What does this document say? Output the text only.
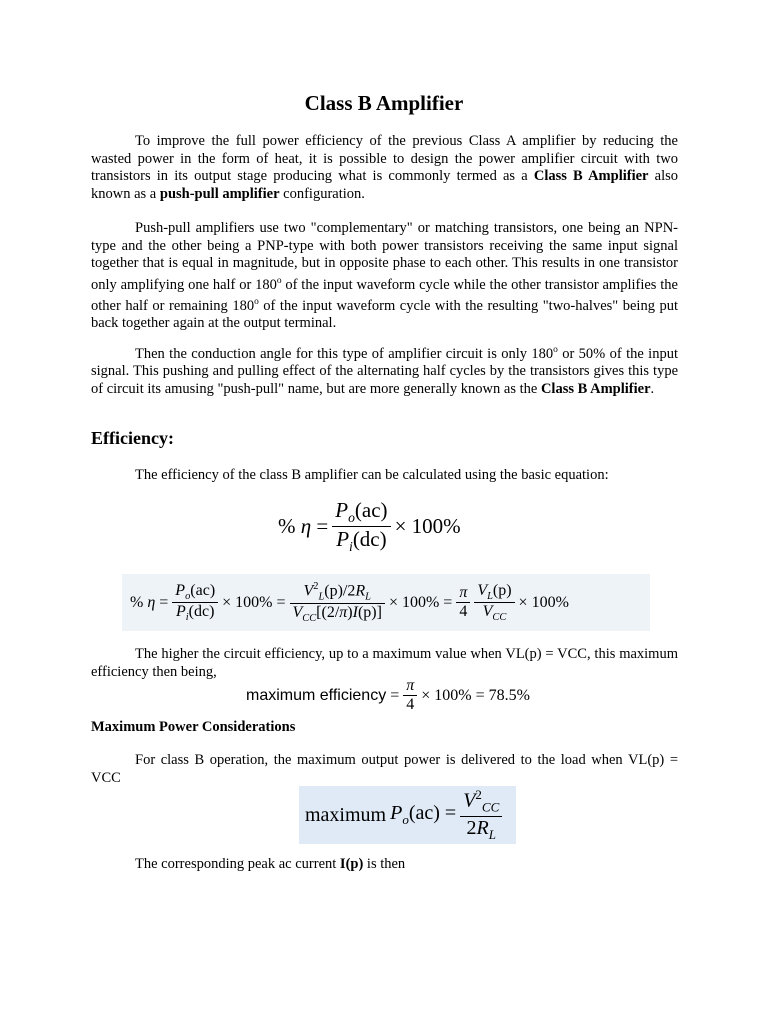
Class B Amplifier
To improve the full power efficiency of the previous Class A amplifier by reducing the wasted power in the form of heat, it is possible to design the power amplifier circuit with two transistors in its output stage producing what is commonly termed as a Class B Amplifier also known as a push-pull amplifier configuration.
Push-pull amplifiers use two "complementary" or matching transistors, one being an NPN-type and the other being a PNP-type with both power transistors receiving the same input signal together that is equal in magnitude, but in opposite phase to each other. This results in one transistor only amplifying one half or 180$^o$ of the input waveform cycle while the other transistor amplifies the other half or remaining 180$^o$ of the input waveform cycle with the resulting "two-halves" being put back together again at the output terminal.
Then the conduction angle for this type of amplifier circuit is only 180$^o$ or 50% of the input signal. This pushing and pulling effect of the alternating half cycles by the transistors gives this type of circuit its amusing "push-pull" name, but are more generally known as the Class B Amplifier.
Efficiency:
The efficiency of the class B amplifier can be calculated using the basic equation:
% $\eta = \frac{P_o(ac)}{P_i(dc)} \times 100\%$
% $\eta = \frac{P_o(ac)}{P_i(dc)} \times 100\% = \frac{V^2_L(p)/2R_L}{V_{CC}[(2/\pi)I(p)]} \times 100\% = \frac{\pi}{4} \frac{V_L(p)}{V_{CC}} \times 100\%$
The higher the circuit efficiency, up to a maximum value when VL(p) = VCC, this maximum efficiency then being,
maximum efficiency = $\frac{\pi}{4} \times 100\% = 78.5\%$
Maximum Power Considerations
For class B operation, the maximum output power is delivered to the load when VL(p) = VCC
maximum $P_o(ac) = \frac{V^2_{CC}}{2R_L}$
The corresponding peak ac current I(p) is then
